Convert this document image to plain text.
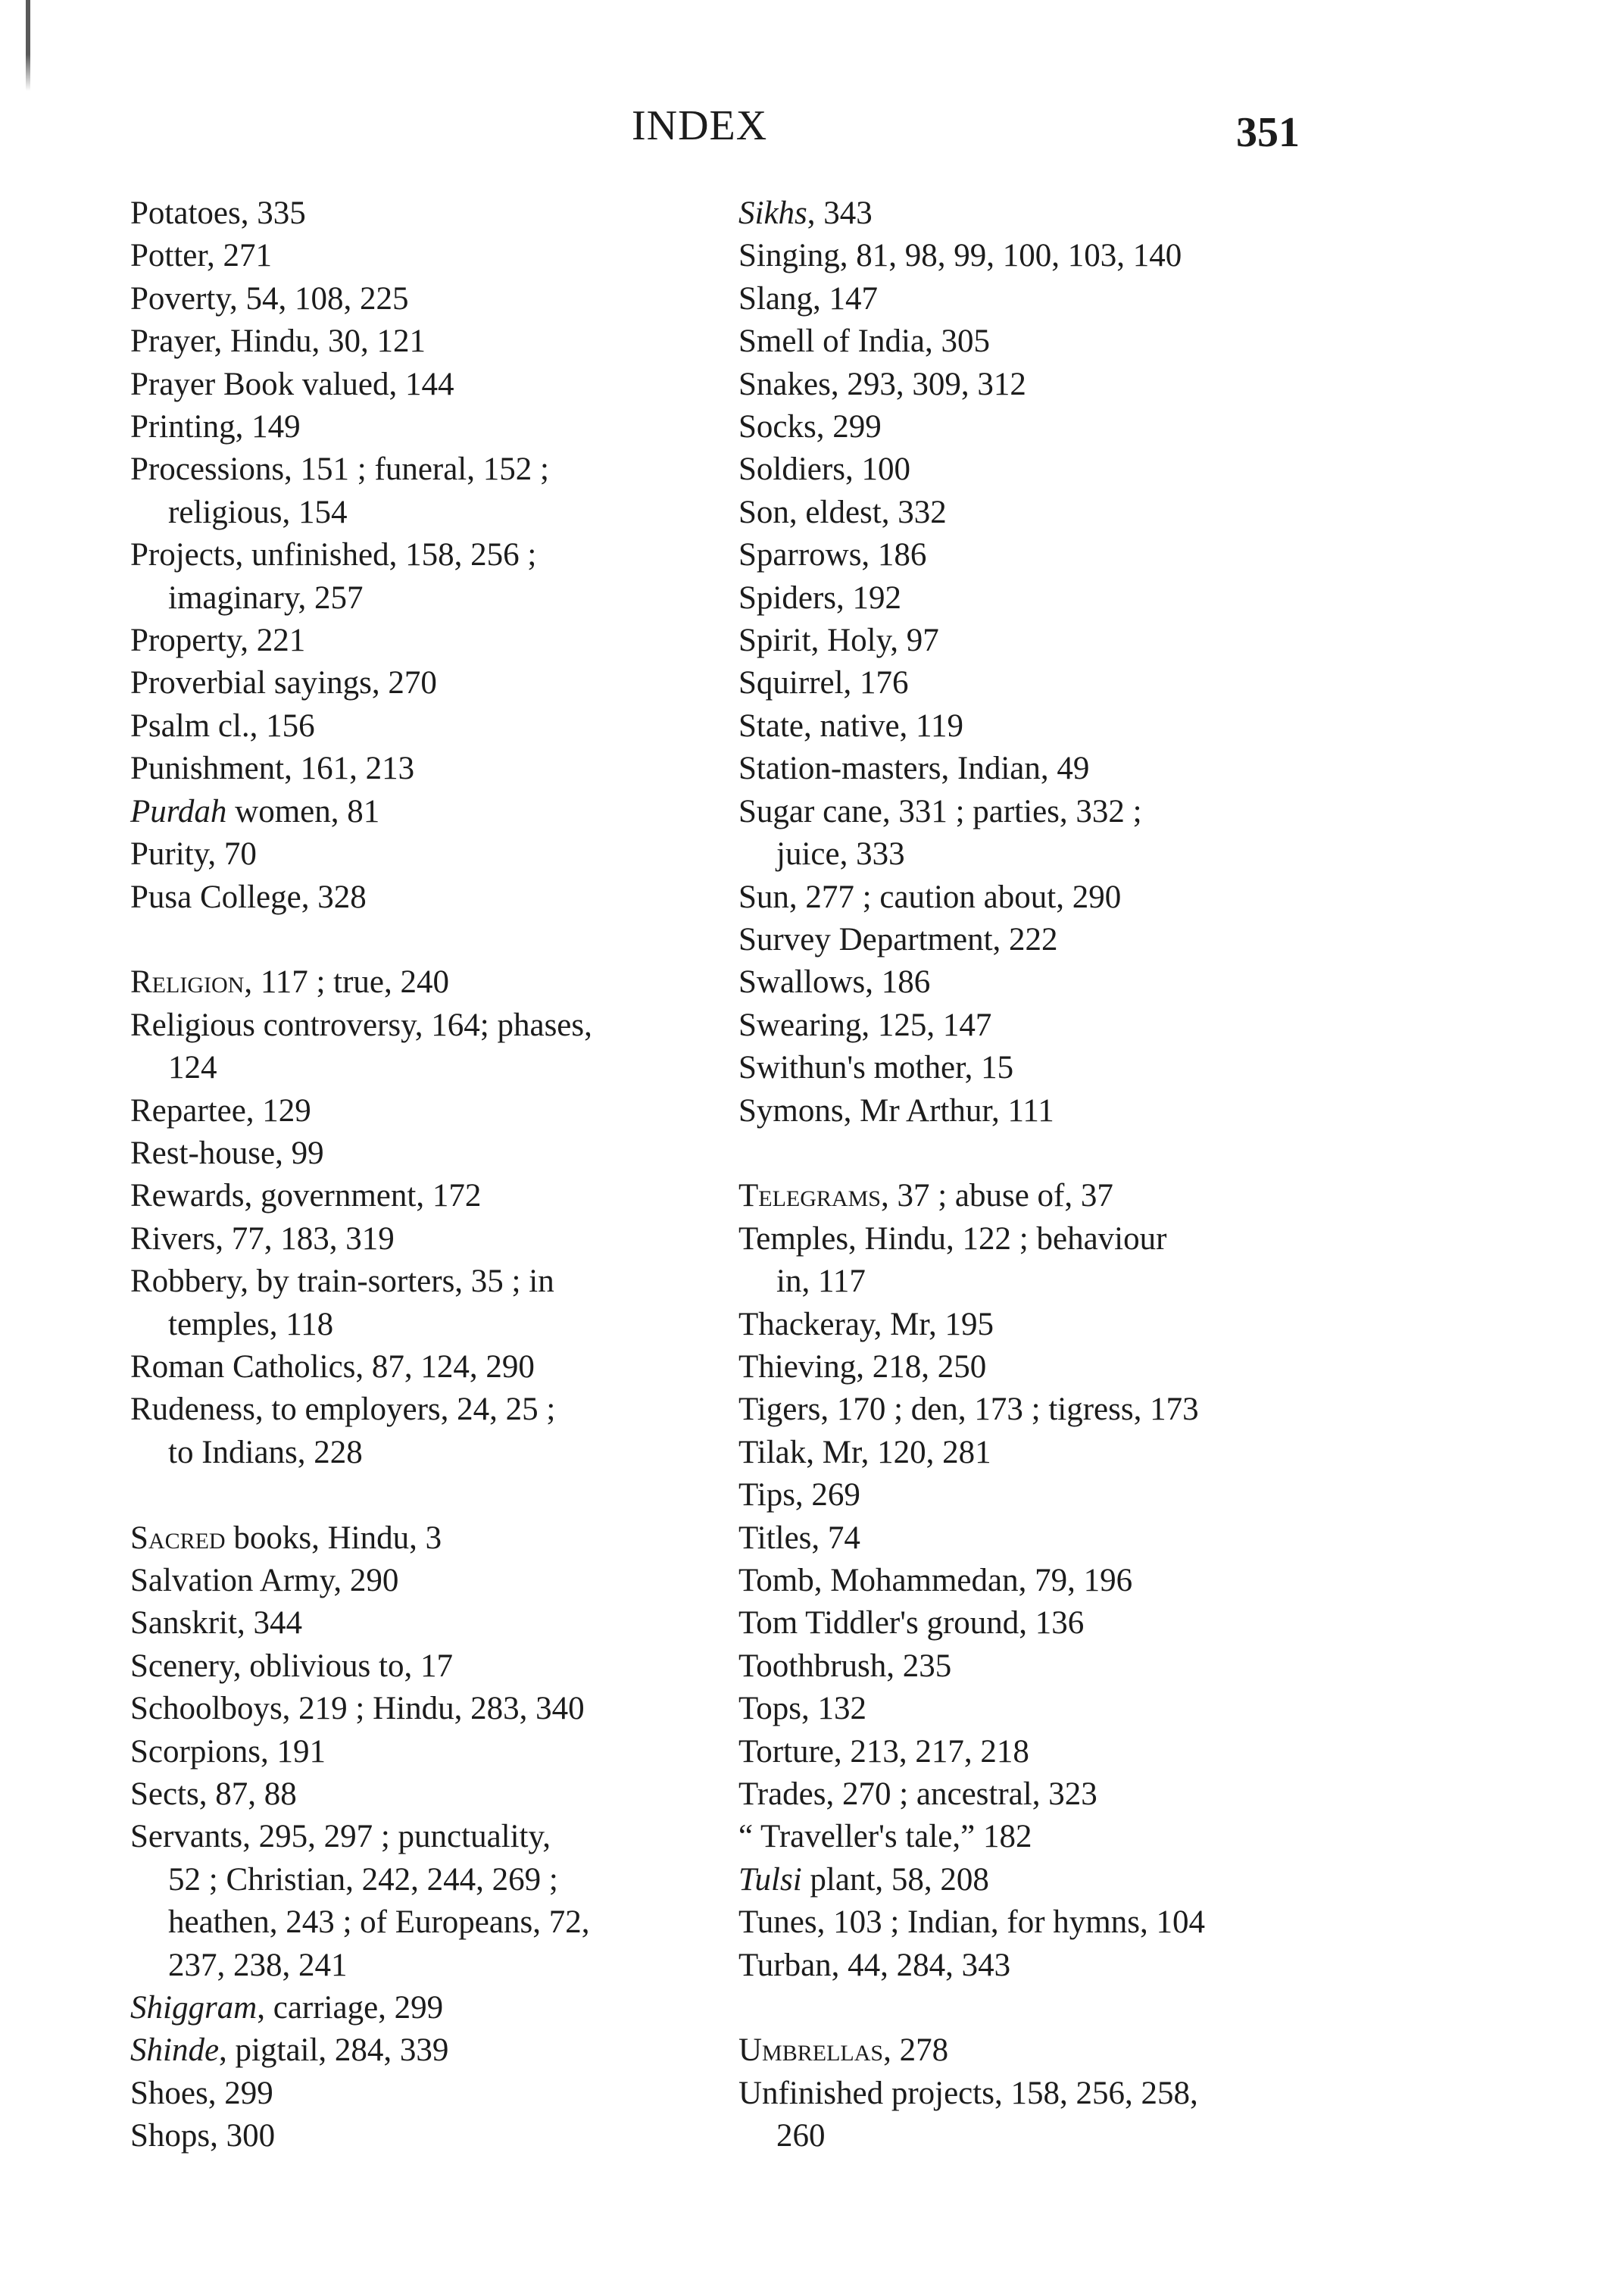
INDEX	351

Potatoes, 335

Potter, 271

Poverty, 54, 108, 225

Prayer, Hindu, 30, 121

Prayer Book valued, 144

Printing, 149

Processions, 151 ; funeral, 152 ;
religious, 154

Projects, unfinished, 158, 256 ;
imaginary, 257

Property, 221

Proverbial sayings, 270

Psalm cl., 156

Punishment, 161, 213

Purdah women, 81

Purity, 70

Pusa College, 328

Religion, 117 ; true, 240

Religious controversy, 164; phases,
124

Repartee, 129

Rest-house, 99

Rewards, government, 172

Rivers, 77, 183, 319

Robbery, by train-sorters, 35 ; in
temples, 118

Roman Catholics, 87, 124, 290

Rudeness, to employers, 24, 25 ;
to Indians, 228

Sacred books, Hindu, 3

Salvation Army, 290

Sanskrit, 344

Scenery, oblivious to, 17

Schoolboys, 219 ; Hindu, 283, 340

Scorpions, 191

Sects, 87, 88

Servants, 295, 297 ; punctuality,
52 ; Christian, 242, 244, 269 ;
heathen, 243 ; of Europeans, 72,
237, 238, 241

Shiggram, carriage, 299

Shinde, pigtail, 284, 339

Shoes, 299

Shops, 300

Sikhs, 343

Singing, 81, 98, 99, 100, 103, 140

Slang, 147

Smell of India, 305

Snakes, 293, 309, 312

Socks, 299

Soldiers, 100

Son, eldest, 332

Sparrows, 186

Spiders, 192

Spirit, Holy, 97

Squirrel, 176

State, native, 119

Station-masters, Indian, 49

Sugar cane, 331 ; parties, 332 ;
juice, 333

Sun, 277 ; caution about, 290

Survey Department, 222

Swallows, 186

Swearing, 125, 147

Swithun's mother, 15

Symons, Mr Arthur, 111

Telegrams, 37 ; abuse of, 37

Temples, Hindu, 122 ; behaviour
in, 117

Thackeray, Mr, 195

Thieving, 218, 250

Tigers, 170 ; den, 173 ; tigress, 173

Tilak, Mr, 120, 281

Tips, 269

Titles, 74

Tomb, Mohammedan, 79, 196

Tom Tiddler's ground, 136

Toothbrush, 235

Tops, 132

Torture, 213, 217, 218

Trades, 270 ; ancestral, 323

“ Traveller's tale,” 182

Tulsi plant, 58, 208

Tunes, 103 ; Indian, for hymns, 104

Turban, 44, 284, 343

Umbrellas, 278

Unfinished projects, 158, 256, 258,
260
